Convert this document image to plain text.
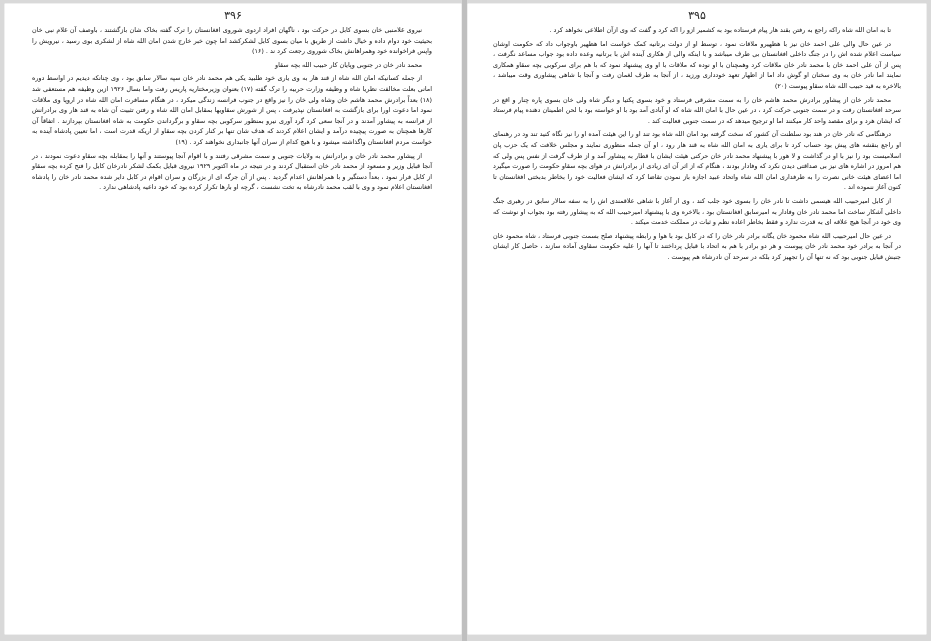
۳۹۶

نیروی غلامنبی خان بسوی کابل در حرکت بود ، ناگهان افراد اردوی شوروی افغانستان را ترک گفته بخاک شان بازگشتند ، باوصف آن غلام نبی خان بحیثیت خود دوام داده و خیال داشت از طریق با میان بسوی کابل لشکرکشد اما چون خبر خارج شدن امان الله شاه از لشکری بوی رسید ، نیرویش را واپس فراخوانده خود وهمراهانش بخاک شوروی رجعت کرد ند . (۱۶)

محمد نادر خان در جنوبی وپایان کار حبیب الله بچه سقاو

از جمله کسانیکه امان الله شاه از قند هار به وی یاری خود طلبید یکی هم محمد نادر خان سپه سالار سابق بود ، وی چنانکه دیدیم در اواسط دوره امانی بعلت مخالفت نظریا شاه و وظیفه وزارت حربیه را ترک گفته (۱۷) بعنوان وزیرمختاریه پاریس رفت واما بسال ۱۹۲۶ ازین وظیفه هم مستعفی شد (۱۸) بعداً برادرش محمد هاشم خان وشاه ولی خان را نیز واقع در جنوب فرانسه زندگی میکرد ، در هنگام مسافرت امان الله شاه در اروپا وی ملاقات نمود اما دعوت اورا برای بازگشت به افغانستان نپذیرفت ، پس از شورش سقاویها بمقابل امان الله شاه و رفتن تثبیت آن شاه به قند هار وی برادرانش از فرانسه به پیشاور آمدند و در آنجا سعی کرد گرد آوری نیرو بمنظور سرکوبی بچه سقاو و برگرداندن حکومت به شاه افغانستان بپردازند . اتفاقاً آن کارها همچنان به صورت پیچیده درآمد و ایشان اعلام کردند که هدف شان تنها بر کنار کردن بچه سقاو از اریکه قدرت است ، اما تعیین پادشاه آینده به خواست مردم افغانستان واگذاشته میشود و با هیچ کدام از سران آنها جانبداری نخواهند کرد . (۱۹)

از پیشاور محمد نادر خان و برادرانش به ولایات جنوبی و سمت مشرقی رفتند و با اقوام آنجا پیوستند و آنها را بمقابله بچه سقاو دعوت نمودند ، در آنجا قبایل وزیر و مسعود از محمد نادر خان استقبال کردند و در نتیجه در ماه اکتوبر ۱۹۲۹ نیروی قبایل بکمک لشکر نادرخان کابل را فتح کرده بچه سقاو از کابل فرار نمود ، بعداً دستگیر و با همراهانش اعدام گردید . پس از آن جرگه ای از بزرگان و سران اقوام در کابل دایر شده محمد نادر خان را پادشاه افغانستان اعلام نمود و وی با لقب محمد نادرشاه به تخت نشست ، گرچه او بارها تکرار کرده بود که خود داعیه پادشاهی ندارد .

۳۹۵

تا به امان الله شاه راکه راجع به رفتن بقند هار پیام فرستاده بود به کشمیر ازو را اکه کرد و گفت که وی ازآن اطلاعی نخواهد کرد .

در عین حال والی علی احمد خان نیز با هظهیرو ملاقات نمود ، توسط او از دولت برتانیه کمک خواست اما هظهیر باوجواب داد که حکومت اوشان سیاست اعلام شده اش را در جنگ داخلی افغانستان بی طرف میباشد و با اینکه والی از هکاری آینده اش با برتانیه وعده داده بود جواب مساعد نگرفت ، پس از آن علی احمد خان با محمد نادر خان ملاقات کرد وهمچنان با او نوده که ملاقات با او وی پیشنهاد نمود که با هم برای سرکوبی بچه سقاو همکاری نمایند اما نادر خان به وی سخنان او گوش داد اما از اظهار تعهد خودداری ورزید ، از آنجا به طرف لغمان رفت و آنجا با شاهی پیشاوری وقت میباشد ، بالاخره به قید حبیب الله شاه سقاو پیوست (۲۰)

محمد نادر خان از پیشاور برادرش محمد هاشم خان را به سمت مشرقی فرستاد و خود بسوی پکتیا و دیگر شاه ولی خان بسوی پاره چنار و اقع در سرحد افغانستان رفت و در سمت جنوبی حرکت کرد ، در عین حال با امان الله شاه که او آبادی آمد بود با او خواسته بود با لحن اطمینان دهنده پیام فرستاد که ایشان هرد و برای مقصد واحد کار میکنند اما او ترجیح میدهد که در سمت جنوبی فعالیت کند .

درهنگامی که نادر خان در هند بود سلطنت آن کشور که سخت گرفته بود امان الله شاه بود تند او را این هیئت آمده او را نیز نگاه کنید تند ود در رهنمای او راجع بنقشه های پیش بود حساب کرد تا برای یاری به امان الله شاه به قند هار رود ، او آن جمله منظوری نمایند و مجلس خلافت که یک حزب پان اسلامیست بود را نیز با او در گذاشت و لا هور با پیشنهاد محمد نادر خان حرکتی هیئت ایشان با قطار به پیشاور آمد و از طرف گرفت از نفس پس ولی که هم امروز در اشاره های نیز بی صداقتی دیدن نکرد که وفادار بودند ، هنگام که از اثر آن ای زیادی از برادرانش در هوای بچه سقاو حکومت را صورت میگیرد اما اعضای هیئت خانی نصرت را به طرفداری امان الله شاه واتحاد عبید اجازه باز نمودن تقاضا کرد که ایشان فعالیت خود را بخاطر بدبختی افغانستان تا کنون آغاز ننموده اند .

از کابل امیرحبیب الله هیسمی داشت تا نادر خان را بسوی خود جلب کند ، وی از آغاز با شاهی علاقمندی اش را به سفه سالار سابق در رهبری جنگ داخلی آشکار ساخت اما محمد نادر خان وفادار به امیرسابق افغانستان بود ، بالاخره وی با پیشنهاد امیرحبیب الله که به پیشاور رفته بود بجواب او نوشت که وی خود در آنجا هیچ علاقه ای به قدرت ندارد و فقط بخاطر اعاده نظم و ثبات در مملکت خدمت میکند .

در عین حال امیرحبیب الله شاه محمود خان یگانه برادر نادر خان را که در کابل بود با هوا و رابطه پیشنهاد صلح بسمت جنوبی فرستاد ، شاه محمود خان در آنجا به برادر خود محمد نادر خان پیوست و هر دو برادر با هم به اتحاد با قبایل پرداختند تا آنها را علیه حکومت سقاوی آماده سازند ، حاصل کار ایشان جنبش قبایل جنوبی بود که نه تنها آن را تجهیز کرد بلکه در سرحد آن نادرشاه هم پیوست .
